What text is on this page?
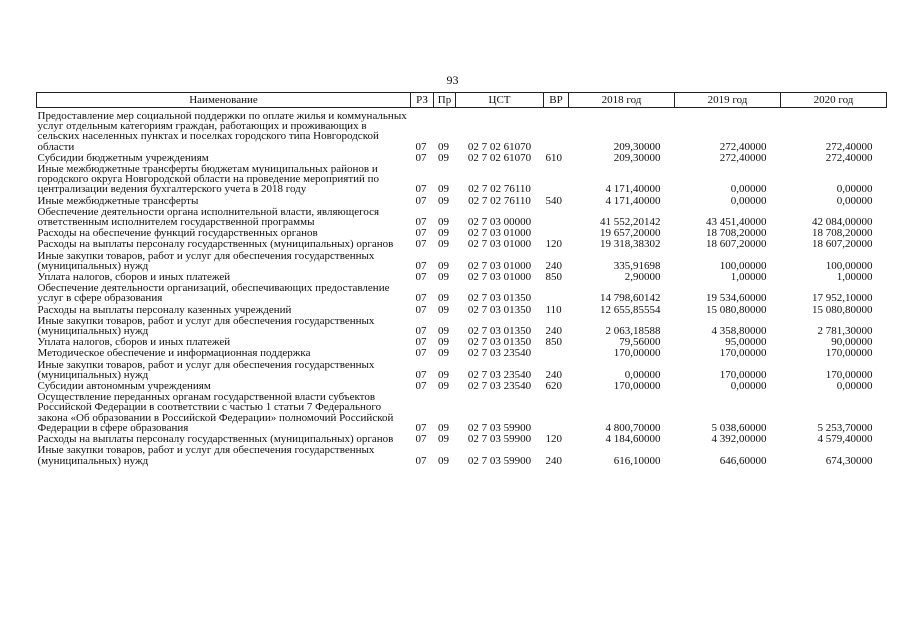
93
Наименование	РЗ	Пр	ЦСТ	ВР	2018 год	2019 год	2020 год
Предоставление мер социальной поддержки по оплате жилья и коммунальных услуг отдельным категориям граждан, работающих и проживающих в сельских населенных пунктах и поселках городского типа Новгородской области	07	09	02 7 02 61070		209,30000	272,40000	272,40000
Субсидии бюджетным учреждениям	07	09	02 7 02 61070	610	209,30000	272,40000	272,40000
Иные межбюджетные трансферты бюджетам муниципальных районов и городского округа Новгородской области на проведение мероприятий по централизации ведения бухгалтерского учета в 2018 году	07	09	02 7 02 76110		4 171,40000	0,00000	0,00000
Иные межбюджетные трансферты	07	09	02 7 02 76110	540	4 171,40000	0,00000	0,00000
Обеспечение деятельности органа исполнительной власти, являющегося ответственным исполнителем государственной программы	07	09	02 7 03 00000		41 552,20142	43 451,40000	42 084,00000
Расходы на обеспечение функций государственных органов	07	09	02 7 03 01000		19 657,20000	18 708,20000	18 708,20000
Расходы на выплаты персоналу государственных (муниципальных) органов	07	09	02 7 03 01000	120	19 318,38302	18 607,20000	18 607,20000
Иные закупки товаров, работ и услуг для обеспечения государственных (муниципальных) нужд	07	09	02 7 03 01000	240	335,91698	100,00000	100,00000
Уплата налогов, сборов и иных платежей	07	09	02 7 03 01000	850	2,90000	1,00000	1,00000
Обеспечение деятельности организаций, обеспечивающих предоставление услуг в сфере образования	07	09	02 7 03 01350		14 798,60142	19 534,60000	17 952,10000
Расходы на выплаты персоналу казенных учреждений	07	09	02 7 03 01350	110	12 655,85554	15 080,80000	15 080,80000
Иные закупки товаров, работ и услуг для обеспечения государственных (муниципальных) нужд	07	09	02 7 03 01350	240	2 063,18588	4 358,80000	2 781,30000
Уплата налогов, сборов и иных платежей	07	09	02 7 03 01350	850	79,56000	95,00000	90,00000
Методическое обеспечение и информационная поддержка	07	09	02 7 03 23540		170,00000	170,00000	170,00000
Иные закупки товаров, работ и услуг для обеспечения государственных (муниципальных) нужд	07	09	02 7 03 23540	240	0,00000	170,00000	170,00000
Субсидии автономным учреждениям	07	09	02 7 03 23540	620	170,00000	0,00000	0,00000
Осуществление переданных органам государственной власти субъектов Российской Федерации в соответствии с частью 1 статьи 7 Федерального закона «Об образовании в Российской Федерации» полномочий Российской Федерации в сфере образования	07	09	02 7 03 59900		4 800,70000	5 038,60000	5 253,70000
Расходы на выплаты персоналу государственных (муниципальных) органов	07	09	02 7 03 59900	120	4 184,60000	4 392,00000	4 579,40000
Иные закупки товаров, работ и услуг для обеспечения государственных (муниципальных) нужд	07	09	02 7 03 59900	240	616,10000	646,60000	674,30000
